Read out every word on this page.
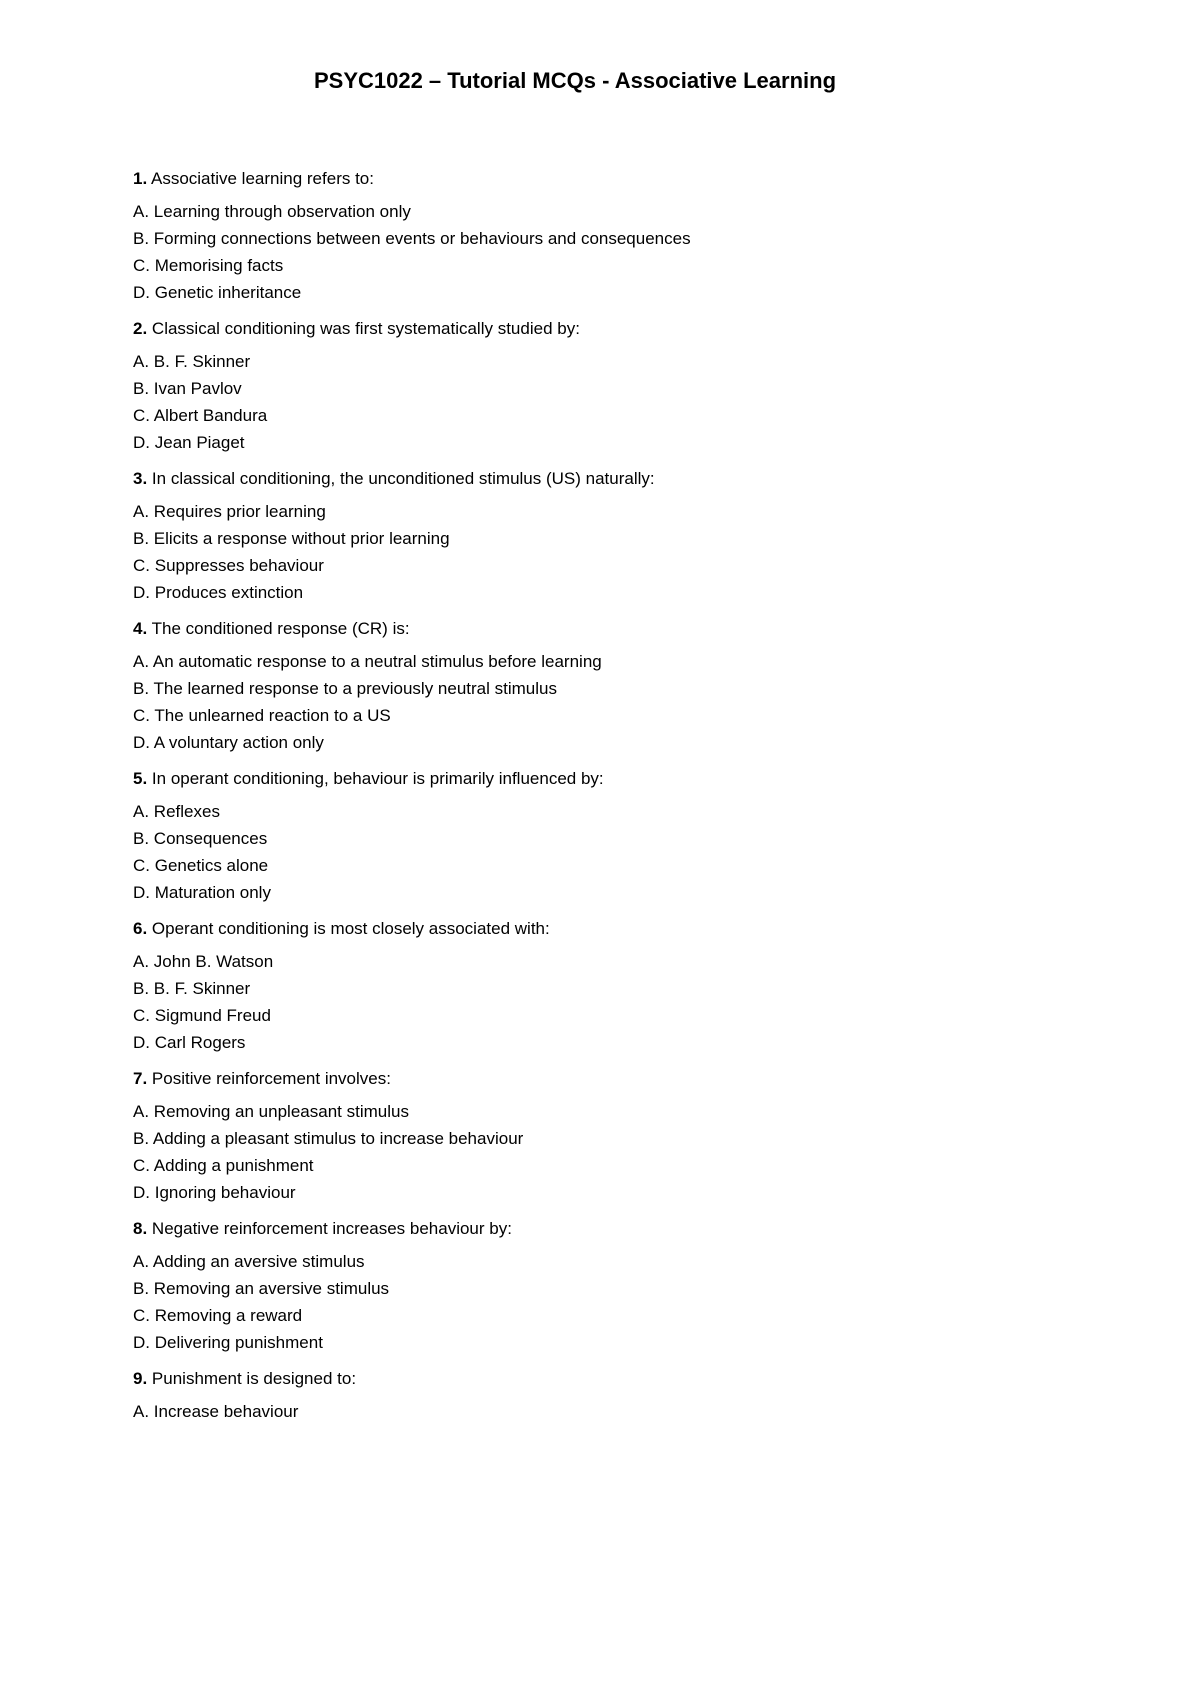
PSYC1022 – Tutorial MCQs - Associative Learning
1. Associative learning refers to:
A. Learning through observation only
B. Forming connections between events or behaviours and consequences
C. Memorising facts
D. Genetic inheritance
2. Classical conditioning was first systematically studied by:
A. B. F. Skinner
B. Ivan Pavlov
C. Albert Bandura
D. Jean Piaget
3. In classical conditioning, the unconditioned stimulus (US) naturally:
A. Requires prior learning
B. Elicits a response without prior learning
C. Suppresses behaviour
D. Produces extinction
4. The conditioned response (CR) is:
A. An automatic response to a neutral stimulus before learning
B. The learned response to a previously neutral stimulus
C. The unlearned reaction to a US
D. A voluntary action only
5. In operant conditioning, behaviour is primarily influenced by:
A. Reflexes
B. Consequences
C. Genetics alone
D. Maturation only
6. Operant conditioning is most closely associated with:
A. John B. Watson
B. B. F. Skinner
C. Sigmund Freud
D. Carl Rogers
7. Positive reinforcement involves:
A. Removing an unpleasant stimulus
B. Adding a pleasant stimulus to increase behaviour
C. Adding a punishment
D. Ignoring behaviour
8. Negative reinforcement increases behaviour by:
A. Adding an aversive stimulus
B. Removing an aversive stimulus
C. Removing a reward
D. Delivering punishment
9. Punishment is designed to:
A. Increase behaviour
